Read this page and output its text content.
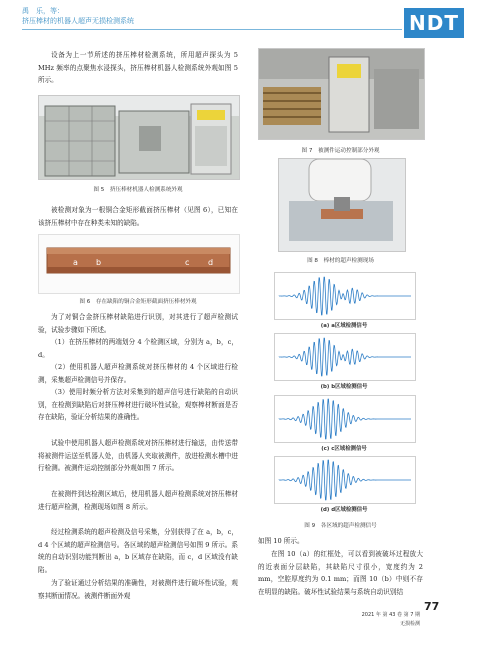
禹　乐，等：
挤压棒材的机器人超声无损检测系统	NDT
设备为上一节所述的挤压棒材检测系统，所用超声探头为 5 MHz 频率的点聚焦水浸探头，挤压棒材机器人检测系统外观如图 5 所示。
图 5　挤压棒材机器人检测系统外观
被检测对象为一根铜合金矩形截面挤压棒材（见图 6），已知在该挤压棒材中存在种类未知的缺陷。
a b	c d
图 6　存在缺陷的铜合金矩形截面挤压棒材外观
为了对铜合金挤压棒材缺陷进行识别，对其进行了超声检测试验，试验步骤如下所述。
（1）在挤压棒材的两端划分 4 个检测区域，分别为 a，b，c，d。
（2）使用机器人超声检测系统对挤压棒材的 4 个区域进行检测，采集超声检测信号并保存。
（3）使用时频分析方法对采集到的超声信号进行缺陷的自动识别，在检测到缺陷后对挤压棒材进行破坏性试验，观察棒材断面是否存在缺陷，验证分析结果的准确性。
试验中使用机器人超声检测系统对挤压棒材进行输送，由传送带将被测件运送至机器人处，由机器人夹取被测件，放进检测水槽中进行检测。被测件运动控制部分外观如图 7 所示。
在被测件到达检测区域后，使用机器人超声检测系统对挤压棒材进行超声检测，检测现场如图 8 所示。
经过检测系统的超声检测及信号采集，分别获得了在 a，b，c，d 4 个区域的超声检测信号。各区域的超声检测信号如图 9 所示。系统的自动识别功能判断出 a，b 区域存在缺陷，而 c，d 区域没有缺陷。
为了验证通过分析结果的准确性，对被测件进行破坏性试验，观察其断面情况。被测件断面外观
图 7　被测件运动控制部分外观
图 8　棒材的超声检测现场
(a) a区域检测信号
(b) b区域检测信号
(c) c区域检测信号
(d) d区域检测信号
图 9　各区域的超声检测信号
如图 10 所示。
在图 10（a）的红框处，可以看到被破坏过程放大的近表面分层缺陷，其缺陷尺寸很小，宽度约为 2 mm，空腔厚度约为 0.1 mm；而图 10（b）中则不存在明显的缺陷。破坏性试验结果与系统自动识别结
2021 年 第 43 卷 第 7 期
无损检测
77
